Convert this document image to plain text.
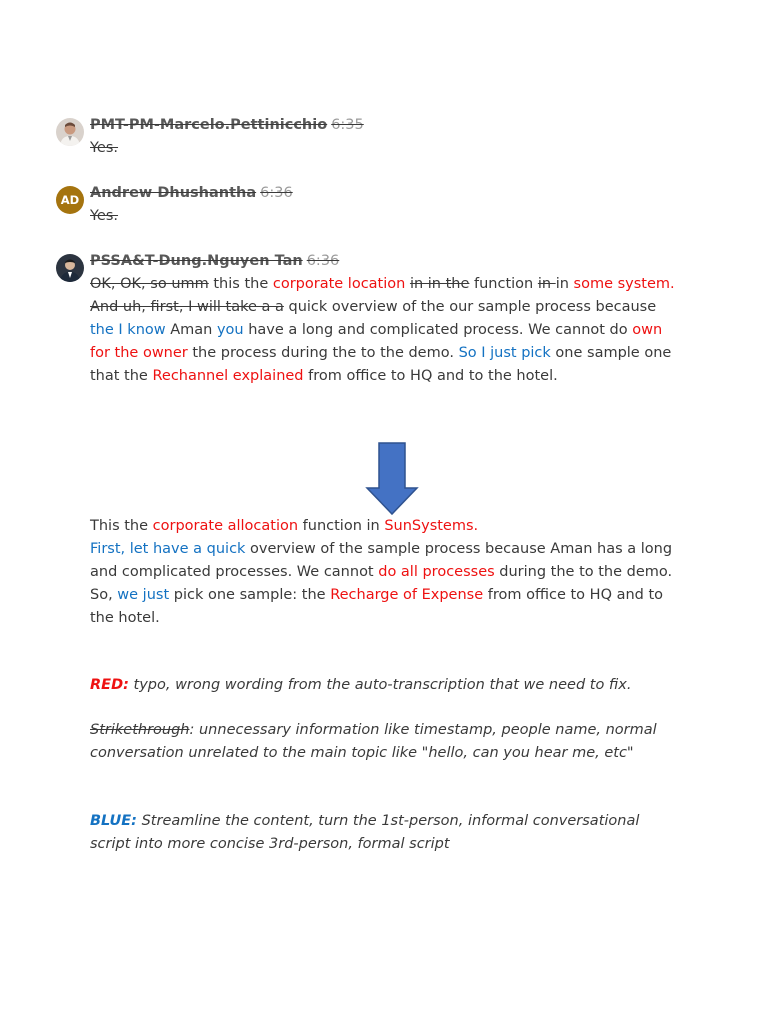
PMT-PM-Marcelo.Pettinicchio 6:35

Yes.

AD Andrew Dhushantha 6:36

Yes.

PSSA&T-Dung.Nguyen Tan 6:36

OK, OK, so umm this the corporate location in in the function in in some system.

And uh, first, I will take a a quick overview of the our sample process because the I know Aman you have a long and complicated process. We cannot do own for the owner the process during the to the demo. So I just pick one sample one that the Rechannel explained from office to HQ and to the hotel.

This the corporate allocation function in SunSystems.

First, let have a quick overview of the sample process because Aman has a long and complicated processes. We cannot do all processes during the to the demo. So, we just pick one sample: the Recharge of Expense from office to HQ and to the hotel.

RED: typo, wrong wording from the auto-transcription that we need to fix.
Strikethrough: unnecessary information like timestamp, people name, normal conversation unrelated to the main topic like "hello, can you hear me, etc"
BLUE: Streamline the content, turn the 1st-person, informal conversational script into more concise 3rd-person, formal script
